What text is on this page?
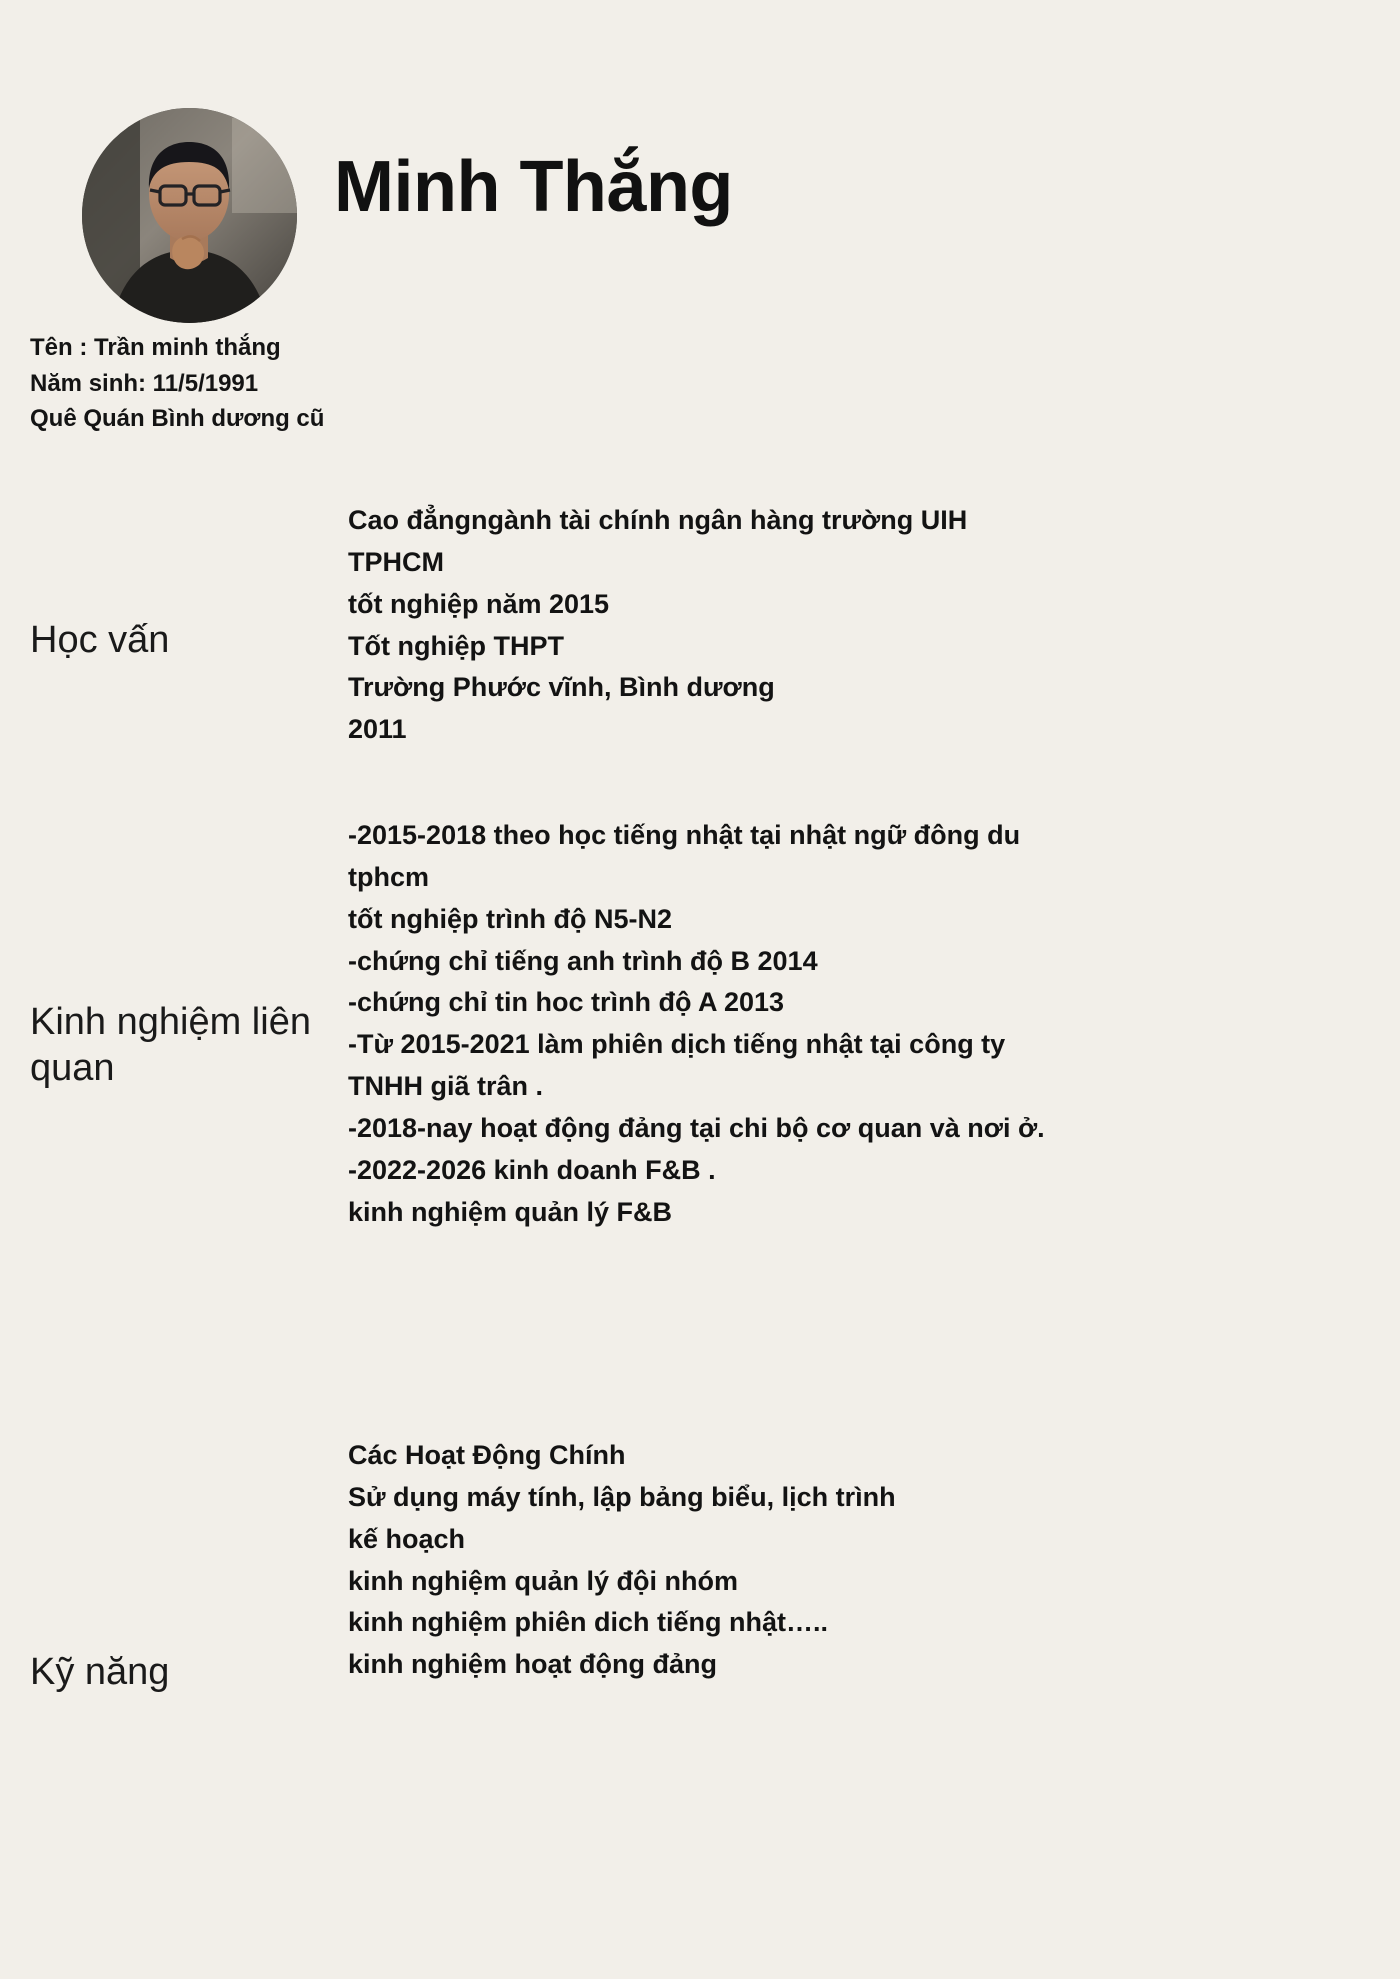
Minh Thắng
Tên : Trần minh thắng
Năm sinh: 11/5/1991
Quê Quán Bình dương cũ
Học vấn
Cao đẳngngành tài chính ngân hàng trường UIH
TPHCM
tốt nghiệp năm 2015
Tốt nghiệp THPT
Trường Phước vĩnh, Bình dương
2011
Kinh nghiệm liên quan
-2015-2018 theo học tiếng nhật tại nhật ngữ đông du
tphcm
tốt nghiệp trình độ N5-N2
-chứng chỉ tiếng anh trình độ B 2014
-chứng chỉ tin hoc trình độ A 2013
-Từ 2015-2021 làm phiên dịch tiếng nhật tại công ty
TNHH giã trân .
-2018-nay hoạt động đảng tại chi bộ cơ quan và nơi ở.
-2022-2026 kinh doanh F&B .
kinh nghiệm quản lý F&B
Kỹ năng
Các Hoạt Động Chính
Sử dụng máy tính, lập bảng biểu, lịch trình
kế hoạch
kinh nghiệm quản lý đội nhóm
kinh nghiệm phiên dich tiếng nhật…..
kinh nghiệm hoạt động đảng
